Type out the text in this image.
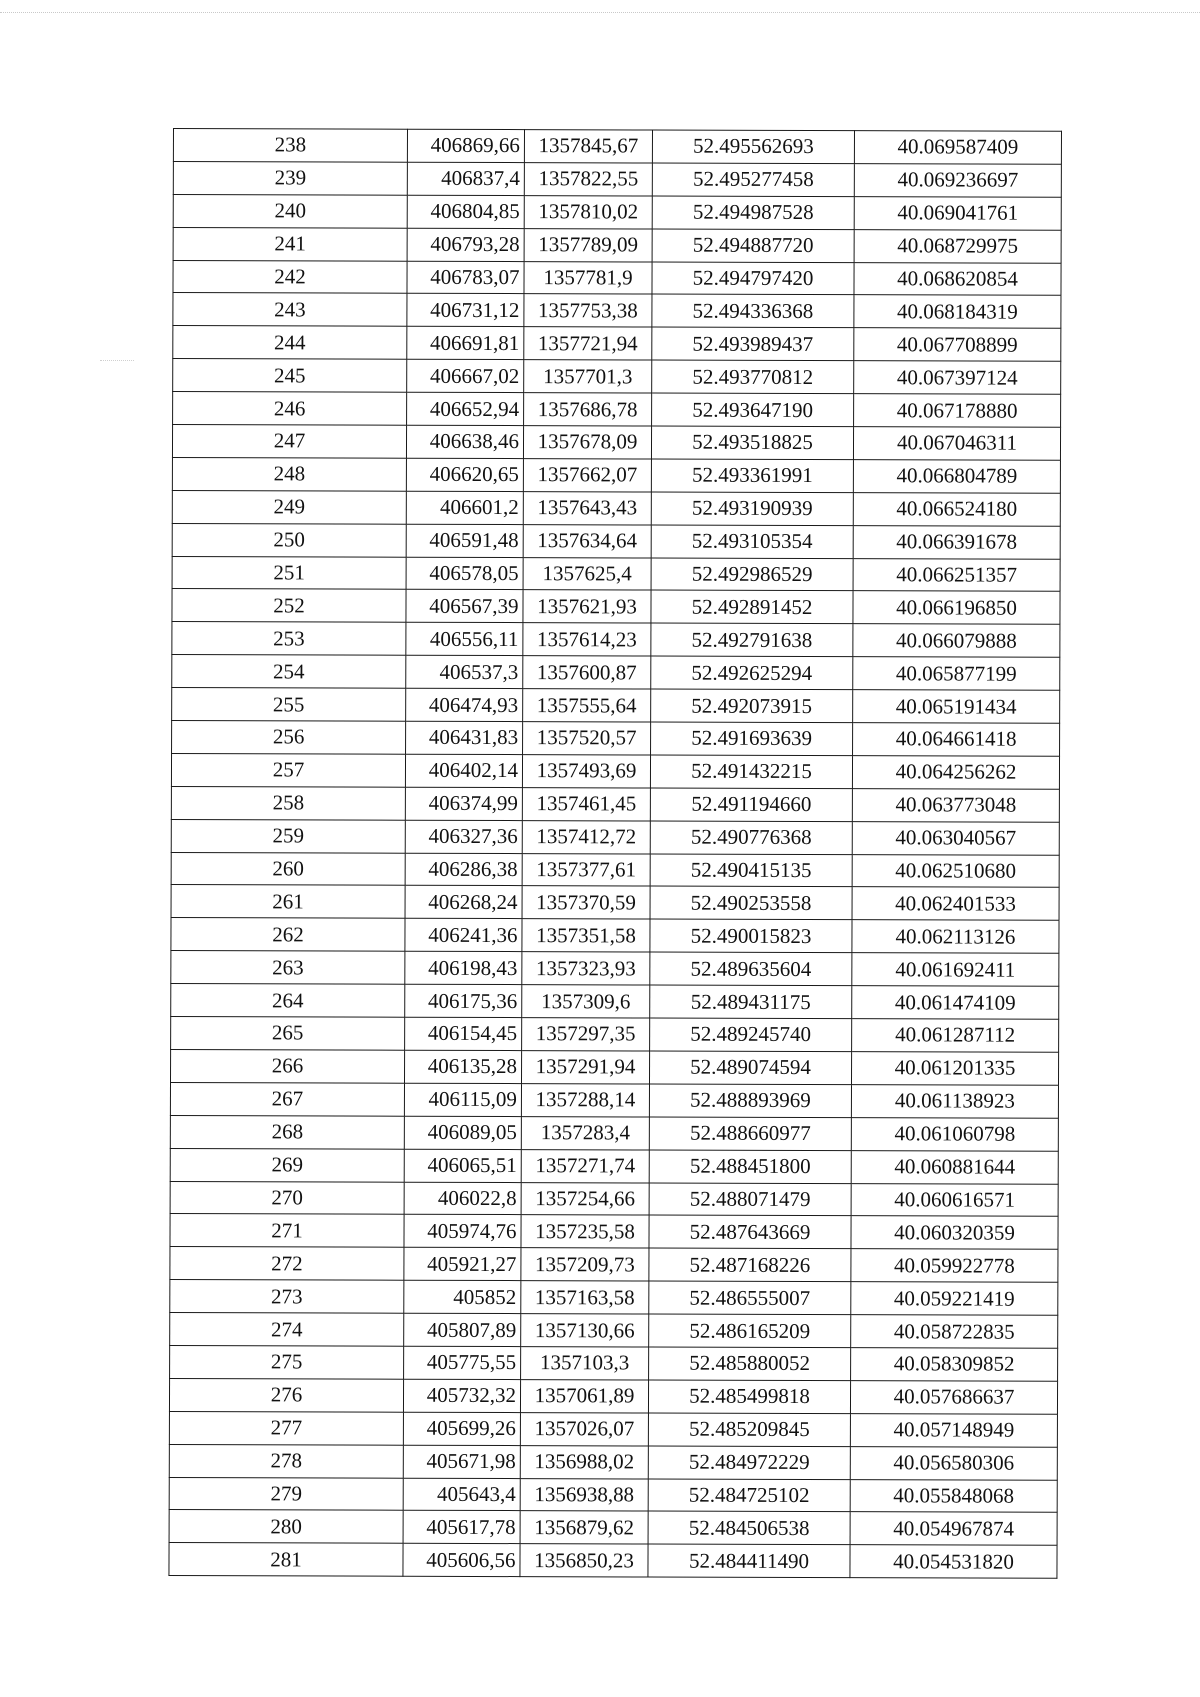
238	406869,66	1357845,67	52.495562693	40.069587409
239	406837,4	1357822,55	52.495277458	40.069236697
240	406804,85	1357810,02	52.494987528	40.069041761
241	406793,28	1357789,09	52.494887720	40.068729975
242	406783,07	1357781,9	52.494797420	40.068620854
243	406731,12	1357753,38	52.494336368	40.068184319
244	406691,81	1357721,94	52.493989437	40.067708899
245	406667,02	1357701,3	52.493770812	40.067397124
246	406652,94	1357686,78	52.493647190	40.067178880
247	406638,46	1357678,09	52.493518825	40.067046311
248	406620,65	1357662,07	52.493361991	40.066804789
249	406601,2	1357643,43	52.493190939	40.066524180
250	406591,48	1357634,64	52.493105354	40.066391678
251	406578,05	1357625,4	52.492986529	40.066251357
252	406567,39	1357621,93	52.492891452	40.066196850
253	406556,11	1357614,23	52.492791638	40.066079888
254	406537,3	1357600,87	52.492625294	40.065877199
255	406474,93	1357555,64	52.492073915	40.065191434
256	406431,83	1357520,57	52.491693639	40.064661418
257	406402,14	1357493,69	52.491432215	40.064256262
258	406374,99	1357461,45	52.491194660	40.063773048
259	406327,36	1357412,72	52.490776368	40.063040567
260	406286,38	1357377,61	52.490415135	40.062510680
261	406268,24	1357370,59	52.490253558	40.062401533
262	406241,36	1357351,58	52.490015823	40.062113126
263	406198,43	1357323,93	52.489635604	40.061692411
264	406175,36	1357309,6	52.489431175	40.061474109
265	406154,45	1357297,35	52.489245740	40.061287112
266	406135,28	1357291,94	52.489074594	40.061201335
267	406115,09	1357288,14	52.488893969	40.061138923
268	406089,05	1357283,4	52.488660977	40.061060798
269	406065,51	1357271,74	52.488451800	40.060881644
270	406022,8	1357254,66	52.488071479	40.060616571
271	405974,76	1357235,58	52.487643669	40.060320359
272	405921,27	1357209,73	52.487168226	40.059922778
273	405852	1357163,58	52.486555007	40.059221419
274	405807,89	1357130,66	52.486165209	40.058722835
275	405775,55	1357103,3	52.485880052	40.058309852
276	405732,32	1357061,89	52.485499818	40.057686637
277	405699,26	1357026,07	52.485209845	40.057148949
278	405671,98	1356988,02	52.484972229	40.056580306
279	405643,4	1356938,88	52.484725102	40.055848068
280	405617,78	1356879,62	52.484506538	40.054967874
281	405606,56	1356850,23	52.484411490	40.054531820
